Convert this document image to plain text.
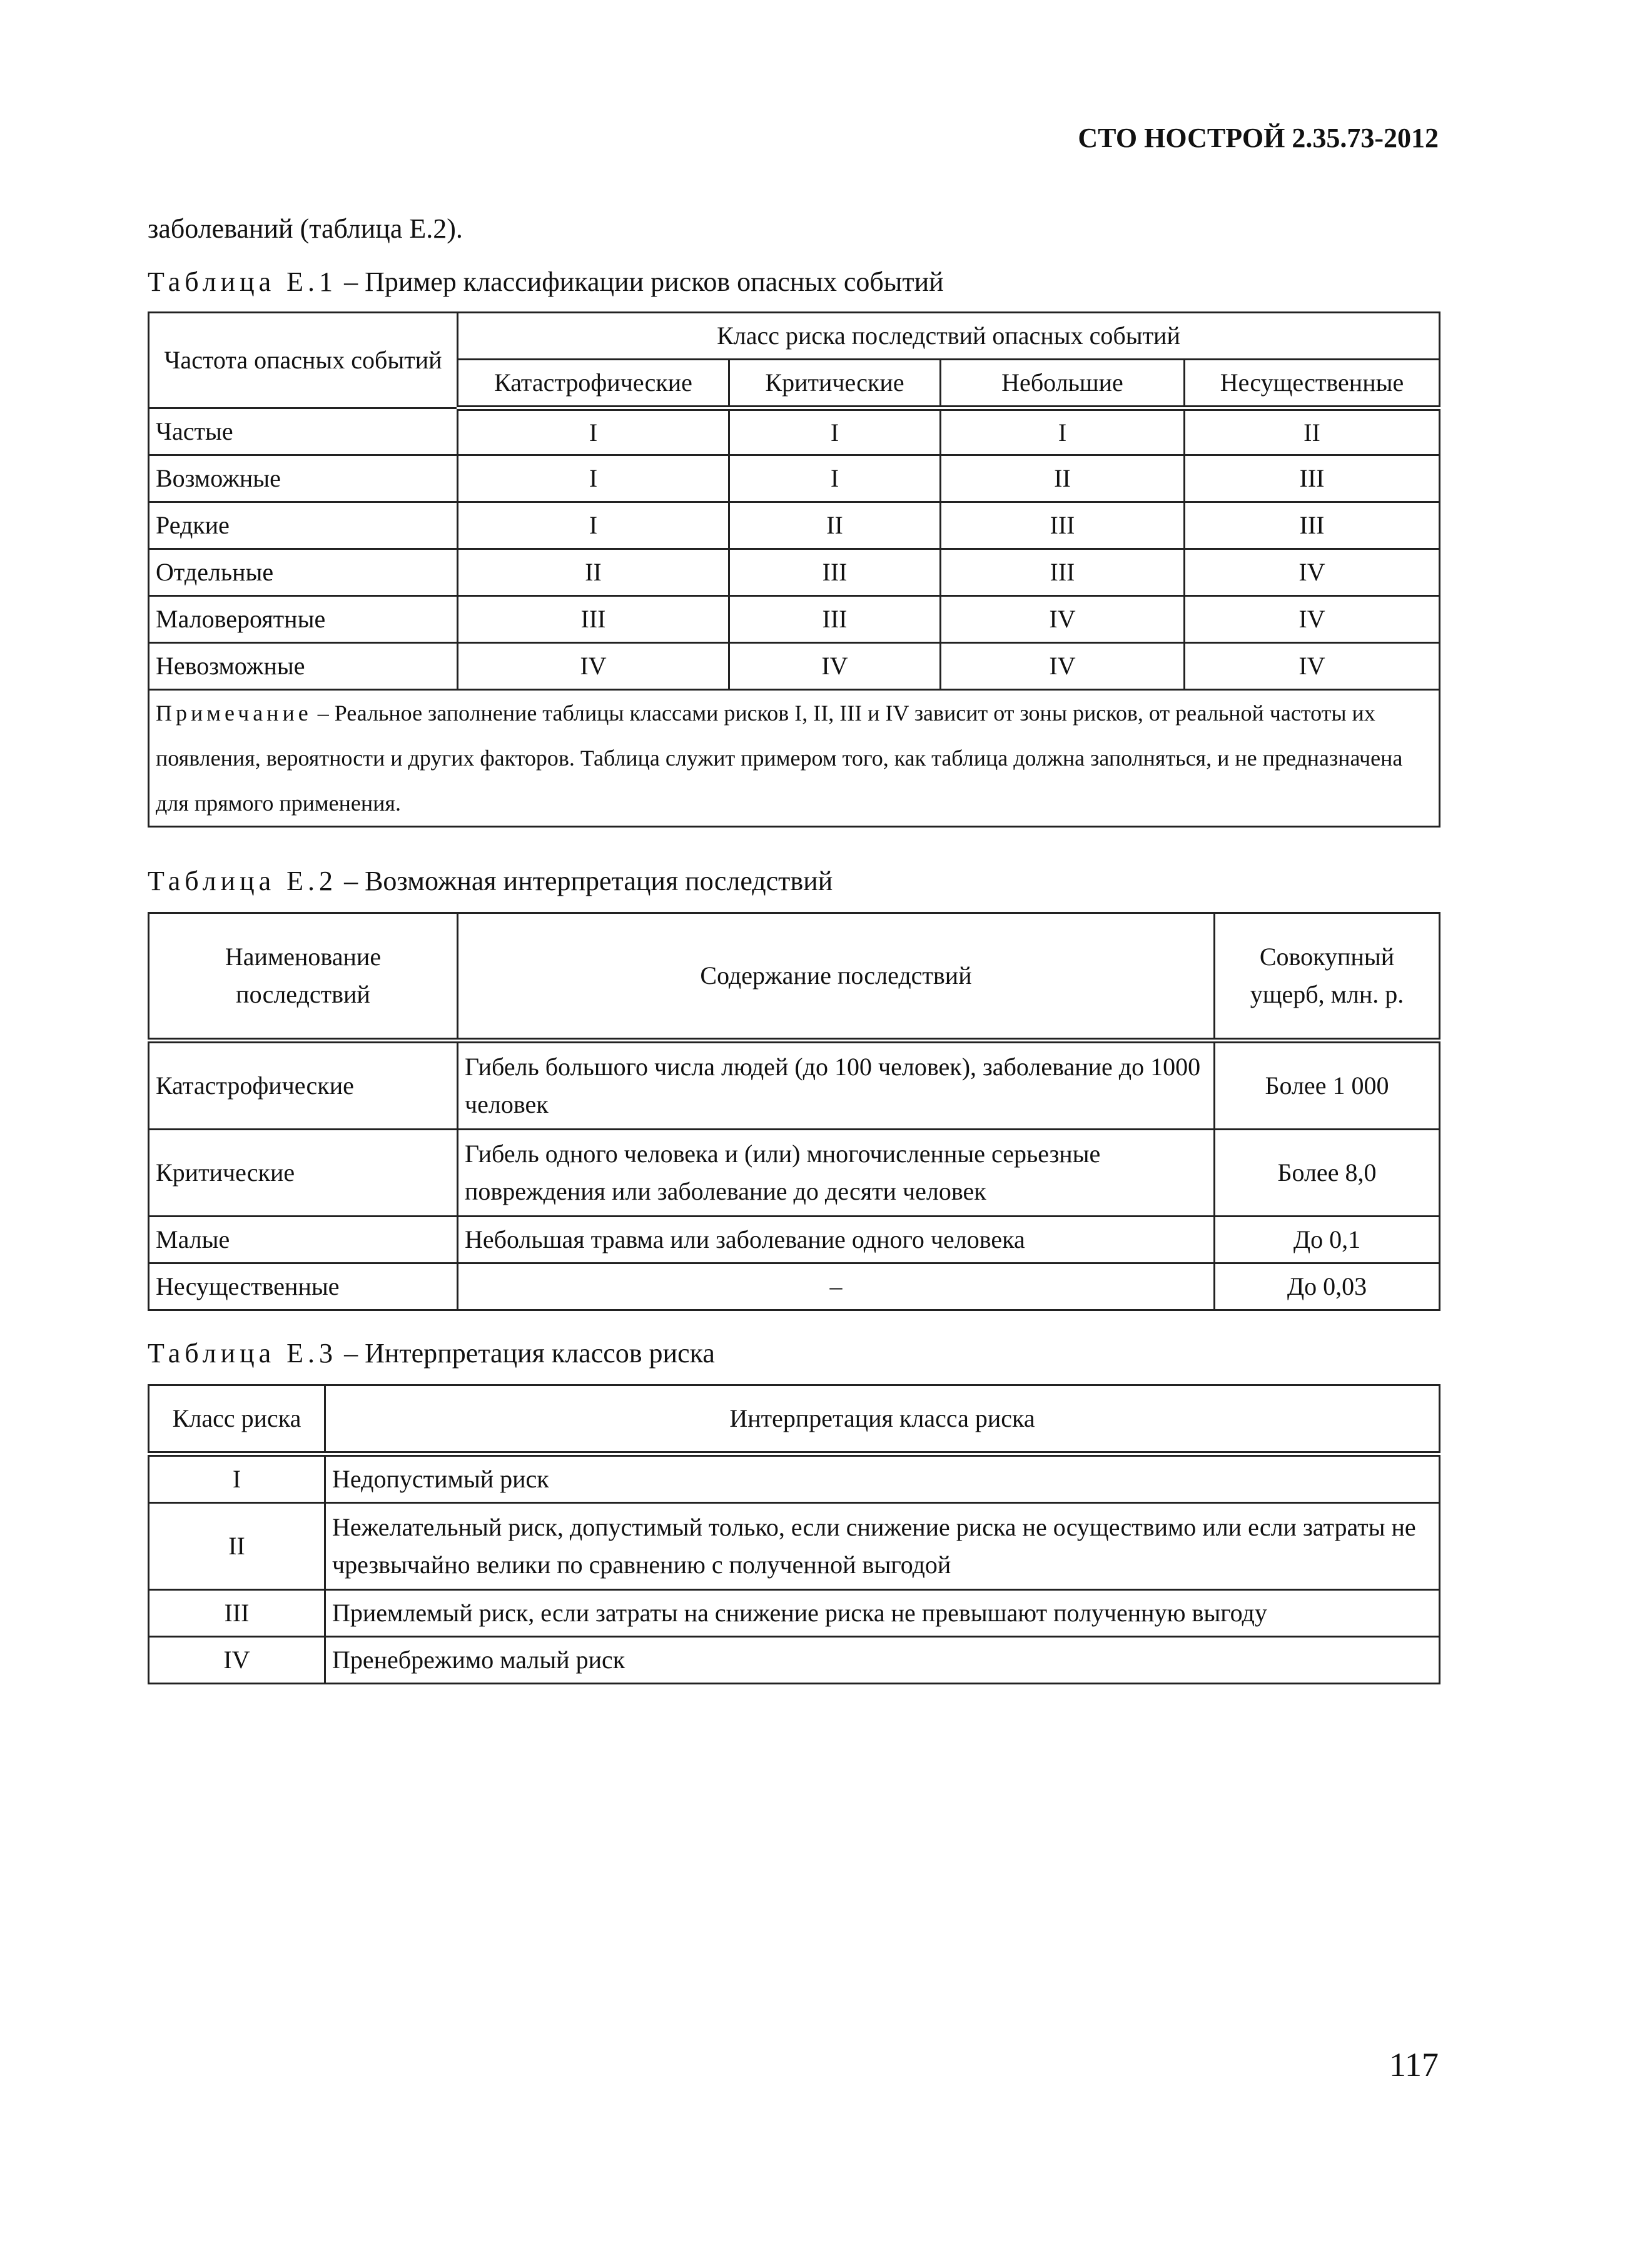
СТО НОСТРОЙ 2.35.73-2012
заболеваний (таблица Е.2).
Таблица Е.1 – Пример классификации рисков опасных событий
Частота опасных событий	Класс риска последствий опасных событий			
	Катастрофические	Критические	Небольшие	Несущественные
Частые	I	I	I	II
Возможные	I	I	II	III
Редкие	I	II	III	III
Отдельные	II	III	III	IV
Маловероятные	III	III	IV	IV
Невозможные	IV	IV	IV	IV
Примечание – Реальное заполнение таблицы классами рисков I, II, III и IV зависит от зоны рисков, от реальной частоты их появления, вероятности и других факторов. Таблица служит примером того, как таблица должна заполняться, и не предназначена для прямого применения.				
Таблица Е.2 – Возможная интерпретация последствий
Наименование последствий	Содержание последствий	Совокупный ущерб, млн. р.
Катастрофические	Гибель большого числа людей (до 100 человек), заболевание до 1000 человек	Более 1 000
Критические	Гибель одного человека и (или) многочисленные серьезные повреждения или заболевание до десяти человек	Более 8,0
Малые	Небольшая травма или заболевание одного человека	До 0,1
Несущественные	–	До 0,03
Таблица Е.3 – Интерпретация классов риска
Класс риска	Интерпретация класса риска
I	Недопустимый риск
II	Нежелательный риск, допустимый только, если снижение риска не осуществимо или если затраты не чрезвычайно велики по сравнению с полученной выгодой
III	Приемлемый риск, если затраты на снижение риска не превышают полученную выгоду
IV	Пренебрежимо малый риск
117
